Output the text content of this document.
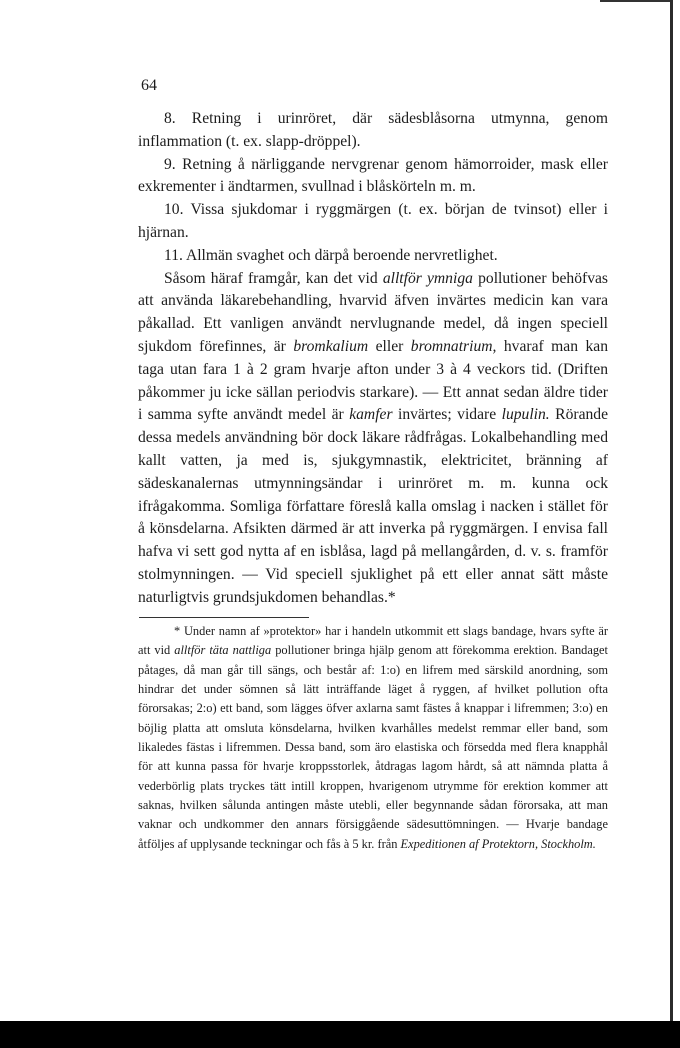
64

8. Retning i urinröret, där sädesblåsorna utmynna, genom inflammation (t. ex. slapp-dröppel).

9. Retning å närliggande nervgrenar genom hämorroider, mask eller exkrementer i ändtarmen, svullnad i blåskörteln m. m.

10. Vissa sjukdomar i ryggmärgen (t. ex. början de tvinsot) eller i hjärnan.

11. Allmän svaghet och därpå beroende nervretlighet.

Såsom häraf framgår, kan det vid alltför ymniga pollutioner behöfvas att använda läkarebehandling, hvarvid äfven invärtes medicin kan vara påkallad. Ett vanligen användt nervlugnande medel, då ingen speciell sjukdom förefinnes, är bromkalium eller bromnatrium, hvaraf man kan taga utan fara 1 à 2 gram hvarje afton under 3 à 4 veckors tid. (Driften påkommer ju icke sällan periodvis starkare). — Ett annat sedan äldre tider i samma syfte användt medel är kamfer invärtes; vidare lupulin. Rörande dessa medels användning bör dock läkare rådfrågas. Lokalbehandling med kallt vatten, ja med is, sjukgymnastik, elektricitet, bränning af sädeskanalernas utmynningsändar i urinröret m. m. kunna ock ifrågakomma. Somliga författare föreslå kalla omslag i nacken i stället för å könsdelarna. Afsikten därmed är att inverka på ryggmärgen. I envisa fall hafva vi sett god nytta af en isblåsa, lagd på mellangården, d. v. s. framför stolmynningen. — Vid speciell sjuklighet på ett eller annat sätt måste naturligtvis grundsjukdomen behandlas.*

* Under namn af »protektor» har i handeln utkommit ett slags bandage, hvars syfte är att vid alltför täta nattliga pollutioner bringa hjälp genom att förekomma erektion. Bandaget påtages, då man går till sängs, och består af: 1:o) en lifrem med särskild anordning, som hindrar det under sömnen så lätt inträffande läget å ryggen, af hvilket pollution ofta förorsakas; 2:o) ett band, som lägges öfver axlarna samt fästes å knappar i lifremmen; 3:o) en böjlig platta att omsluta könsdelarna, hvilken kvarhålles medelst remmar eller band, som likaledes fästas i lifremmen. Dessa band, som äro elastiska och försedda med flera knapphål för att kunna passa för hvarje kroppsstorlek, åtdragas lagom hårdt, så att nämnda platta å vederbörlig plats tryckes tätt intill kroppen, hvarigenom utrymme för erektion kommer att saknas, hvilken sålunda antingen måste utebli, eller begynnande sådan förorsaka, att man vaknar och undkommer den annars försiggående sädesuttömningen. — Hvarje bandage åtföljes af upplysande teckningar och fås à 5 kr. från Expeditionen af Protektorn, Stockholm.
